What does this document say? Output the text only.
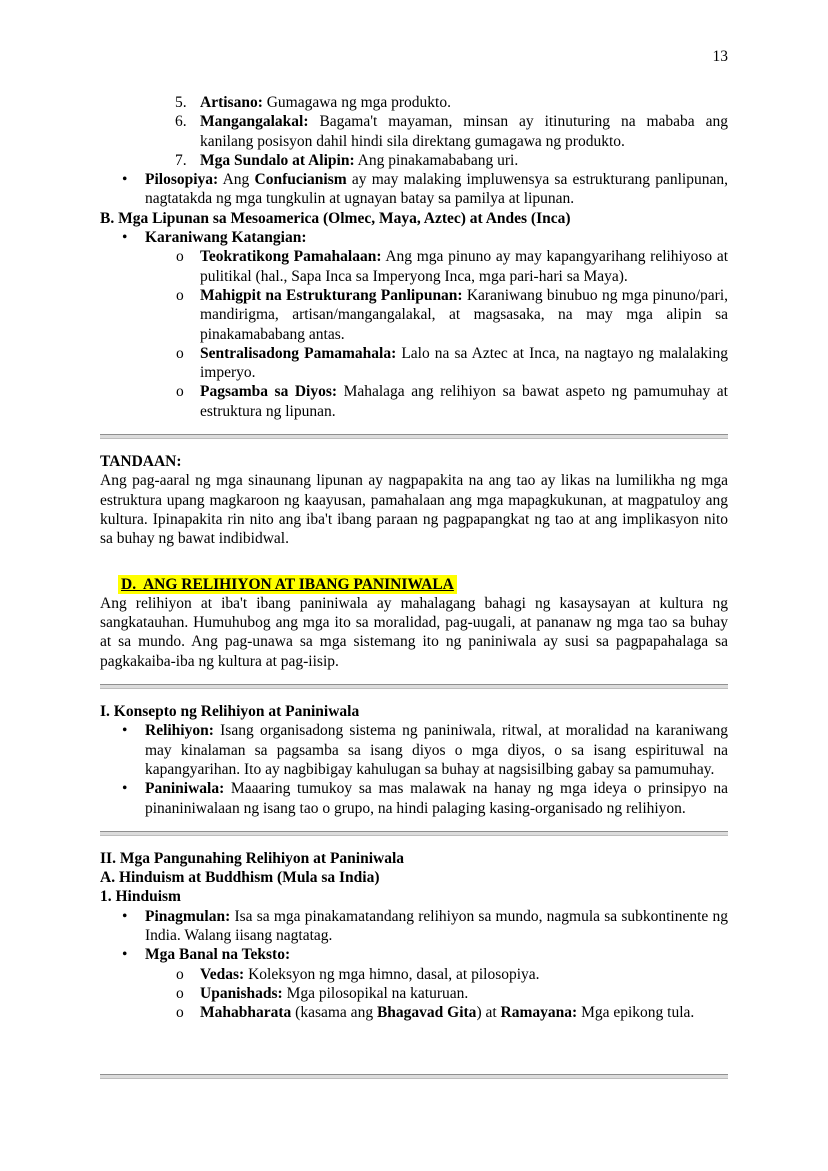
13
5. Artisano: Gumagawa ng mga produkto.
6. Mangangalakal: Bagama't mayaman, minsan ay itinuturing na mababa ang kanilang posisyon dahil hindi sila direktang gumagawa ng produkto.
7. Mga Sundalo at Alipin: Ang pinakamababang uri.
•	Pilosopiya: Ang Confucianism ay may malaking impluwensya sa estrukturang panlipunan, nagtatakda ng mga tungkulin at ugnayan batay sa pamilya at lipunan.
B. Mga Lipunan sa Mesoamerica (Olmec, Maya, Aztec) at Andes (Inca)
•	Karaniwang Katangian:
o	Teokratikong Pamahalaan: Ang mga pinuno ay may kapangyarihang relihiyoso at pulitikal (hal., Sapa Inca sa Imperyong Inca, mga pari-hari sa Maya).
o	Mahigpit na Estrukturang Panlipunan: Karaniwang binubuo ng mga pinuno/pari, mandirigma, artisan/mangangalakal, at magsasaka, na may mga alipin sa pinakamababang antas.
o	Sentralisadong Pamamahala: Lalo na sa Aztec at Inca, na nagtayo ng malalaking imperyo.
o	Pagsamba sa Diyos: Mahalaga ang relihiyon sa bawat aspeto ng pamumuhay at estruktura ng lipunan.
TANDAAN:
Ang pag-aaral ng mga sinaunang lipunan ay nagpapakita na ang tao ay likas na lumilikha ng mga estruktura upang magkaroon ng kaayusan, pamahalaan ang mga mapagkukunan, at magpatuloy ang kultura. Ipinapakita rin nito ang iba't ibang paraan ng pagpapangkat ng tao at ang implikasyon nito sa buhay ng bawat indibidwal.
D.  ANG RELIHIYON AT IBANG PANINIWALA
Ang relihiyon at iba't ibang paniniwala ay mahalagang bahagi ng kasaysayan at kultura ng sangkatauhan. Humuhubog ang mga ito sa moralidad, pag-uugali, at pananaw ng mga tao sa buhay at sa mundo. Ang pag-unawa sa mga sistemang ito ng paniniwala ay susi sa pagpapahalaga sa pagkakaiba-iba ng kultura at pag-iisip.
I. Konsepto ng Relihiyon at Paniniwala
•	Relihiyon: Isang organisadong sistema ng paniniwala, ritwal, at moralidad na karaniwang may kinalaman sa pagsamba sa isang diyos o mga diyos, o sa isang espirituwal na kapangyarihan. Ito ay nagbibigay kahulugan sa buhay at nagsisilbing gabay sa pamumuhay.
•	Paniniwala: Maaaring tumukoy sa mas malawak na hanay ng mga ideya o prinsipyo na pinaniniwalaan ng isang tao o grupo, na hindi palaging kasing-organisado ng relihiyon.
II. Mga Pangunahing Relihiyon at Paniniwala
A. Hinduism at Buddhism (Mula sa India)
1. Hinduism
•	Pinagmulan: Isa sa mga pinakamatandang relihiyon sa mundo, nagmula sa subkontinente ng India. Walang iisang nagtatag.
•	Mga Banal na Teksto:
o	Vedas: Koleksyon ng mga himno, dasal, at pilosopiya.
o	Upanishads: Mga pilosopikal na katuruan.
o	Mahabharata (kasama ang Bhagavad Gita) at Ramayana: Mga epikong tula.
